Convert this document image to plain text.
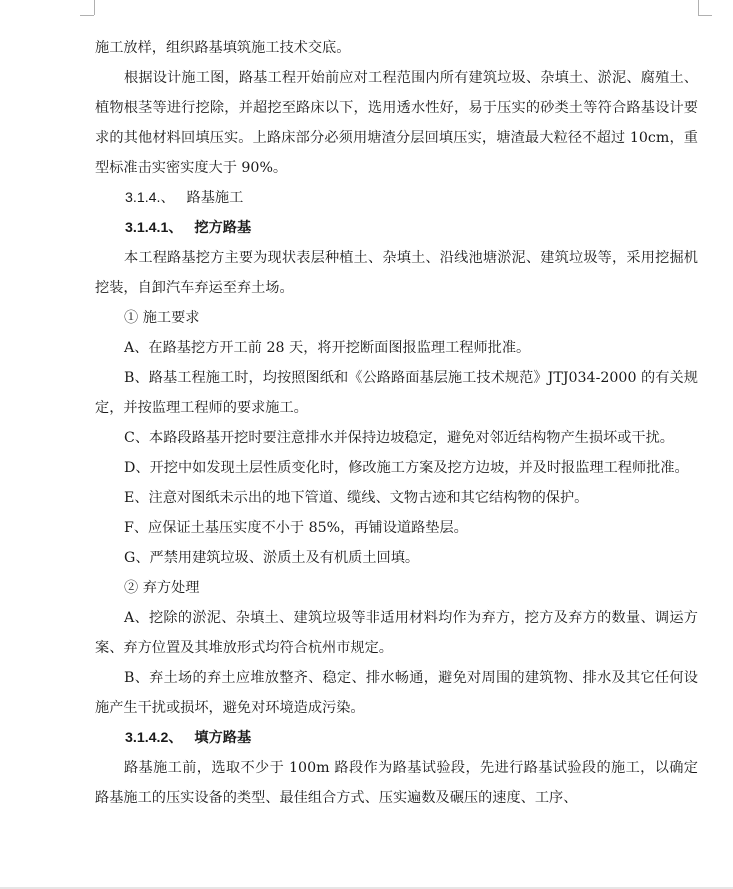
施工放样，组织路基填筑施工技术交底。

根据设计施工图，路基工程开始前应对工程范围内所有建筑垃圾、杂填土、淤泥、腐殖土、植物根茎等进行挖除，并超挖至路床以下，选用透水性好，易于压实的砂类土等符合路基设计要求的其他材料回填压实。上路床部分必须用塘渣分层回填压实，塘渣最大粒径不超过 10cm，重型标准击实密实度大于 90%。

3.1.4.、 路基施工

3.1.4.1、 挖方路基

本工程路基挖方主要为现状表层种植土、杂填土、沿线池塘淤泥、建筑垃圾等，采用挖掘机挖装，自卸汽车弃运至弃土场。

① 施工要求

A、在路基挖方开工前 28 天，将开挖断面图报监理工程师批准。

B、路基工程施工时，均按照图纸和《公路路面基层施工技术规范》JTJ034-2000 的有关规定，并按监理工程师的要求施工。

C、本路段路基开挖时要注意排水并保持边坡稳定，避免对邻近结构物产生损坏或干扰。

D、开挖中如发现土层性质变化时，修改施工方案及挖方边坡，并及时报监理工程师批准。

E、注意对图纸未示出的地下管道、缆线、文物古迹和其它结构物的保护。

F、应保证土基压实度不小于 85%，再铺设道路垫层。

G、严禁用建筑垃圾、淤质土及有机质土回填。

② 弃方处理

A、挖除的淤泥、杂填土、建筑垃圾等非适用材料均作为弃方，挖方及弃方的数量、调运方案、弃方位置及其堆放形式均符合杭州市规定。

B、弃土场的弃土应堆放整齐、稳定、排水畅通，避免对周围的建筑物、排水及其它任何设施产生干扰或损坏，避免对环境造成污染。

3.1.4.2、 填方路基

路基施工前，选取不少于 100m 路段作为路基试验段，先进行路基试验段的施工，以确定路基施工的压实设备的类型、最佳组合方式、压实遍数及碾压的速度、工序、
